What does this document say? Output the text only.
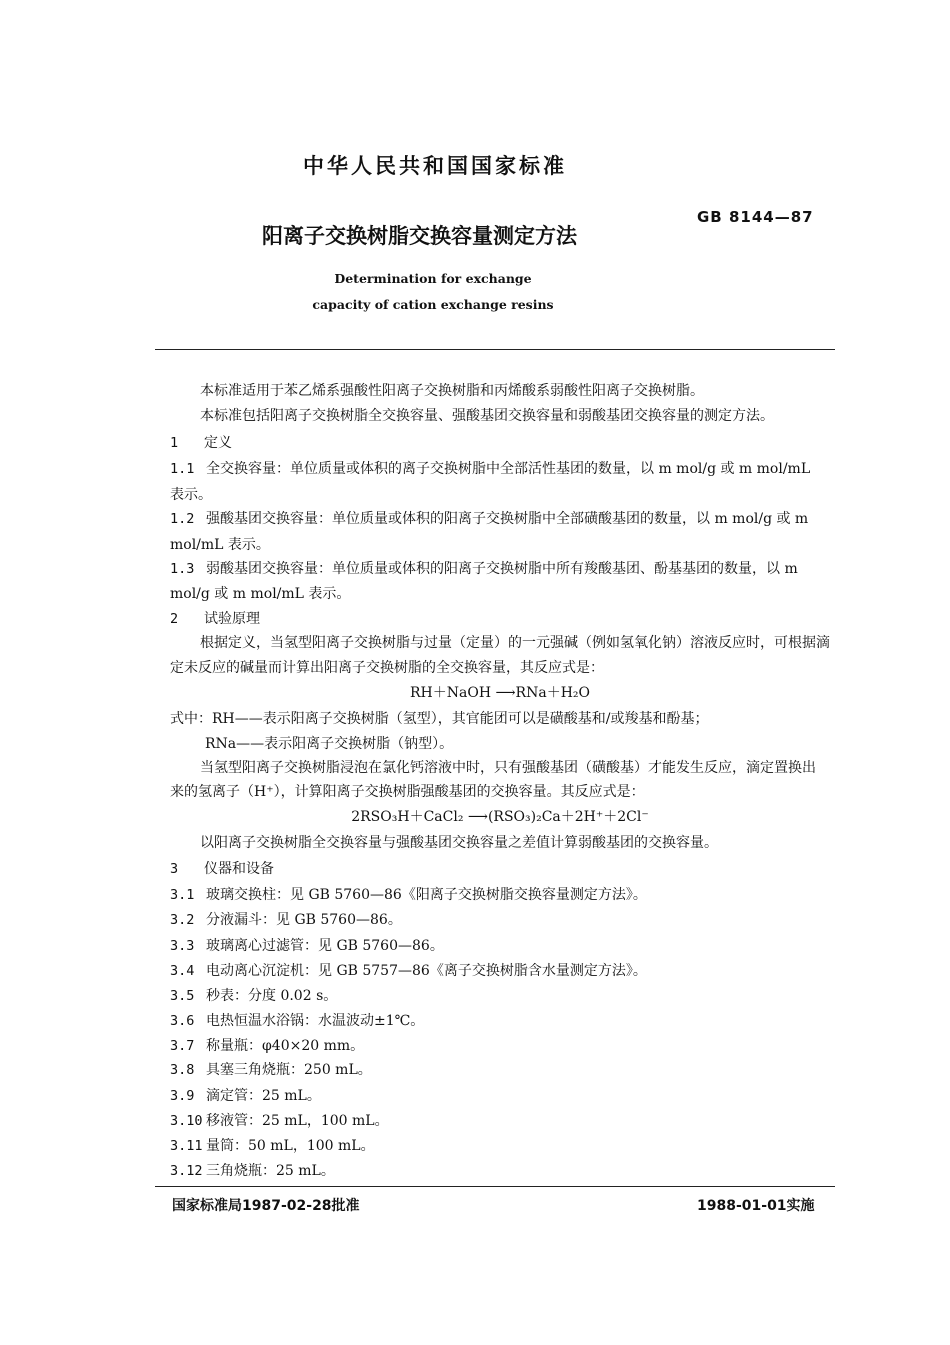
中华人民共和国国家标准
阳离子交换树脂交换容量测定方法
GB 8144—87
Determination for exchange
capacity of cation exchange resins
本标准适用于苯乙烯系强酸性阳离子交换树脂和丙烯酸系弱酸性阳离子交换树脂。
本标准包括阳离子交换树脂全交换容量、强酸基团交换容量和弱酸基团交换容量的测定方法。
1 定义
1.1 全交换容量：单位质量或体积的离子交换树脂中全部活性基团的数量，以 m mol/g 或 m mol/mL
表示。
1.2 强酸基团交换容量：单位质量或体积的阳离子交换树脂中全部磺酸基团的数量，以 m mol/g 或 m
mol/mL 表示。
1.3 弱酸基团交换容量：单位质量或体积的阳离子交换树脂中所有羧酸基团、酚基基团的数量，以 m
mol/g 或 m mol/mL 表示。
2 试验原理
根据定义，当氢型阳离子交换树脂与过量（定量）的一元强碱（例如氢氧化钠）溶液反应时，可根据滴
定未反应的碱量而计算出阳离子交换树脂的全交换容量，其反应式是：
RH＋NaOH ⟶RNa＋H₂O
式中：RH——表示阳离子交换树脂（氢型），其官能团可以是磺酸基和/或羧基和酚基；
RNa——表示阳离子交换树脂（钠型）。
当氢型阳离子交换树脂浸泡在氯化钙溶液中时，只有强酸基团（磺酸基）才能发生反应，滴定置换出
来的氢离子（H⁺），计算阳离子交换树脂强酸基团的交换容量。其反应式是：
2RSO₃H＋CaCl₂ ⟶(RSO₃)₂Ca＋2H⁺＋2Cl⁻
以阳离子交换树脂全交换容量与强酸基团交换容量之差值计算弱酸基团的交换容量。
3 仪器和设备
3.1 玻璃交换柱：见 GB 5760—86《阳离子交换树脂交换容量测定方法》。
3.2 分液漏斗：见 GB 5760—86。
3.3 玻璃离心过滤管：见 GB 5760—86。
3.4 电动离心沉淀机：见 GB 5757—86《离子交换树脂含水量测定方法》。
3.5 秒表：分度 0.02 s。
3.6 电热恒温水浴锅：水温波动±1℃。
3.7 称量瓶：φ40×20 mm。
3.8 具塞三角烧瓶：250 mL。
3.9 滴定管：25 mL。
3.10 移液管：25 mL，100 mL。
3.11 量筒：50 mL，100 mL。
3.12 三角烧瓶：25 mL。
国家标准局1987-02-28批准	1988-01-01实施
